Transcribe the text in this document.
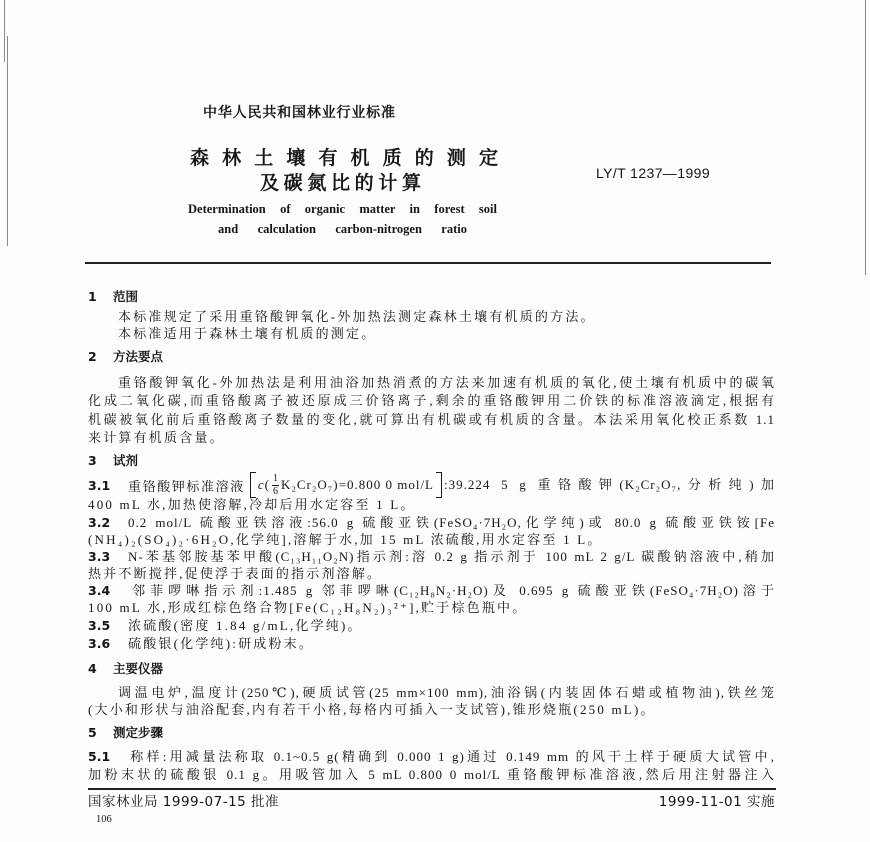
中华人民共和国林业行业标准
森林土壤有机质的测定
及碳氮比的计算	LY/T 1237—1999
Determination of organic matter in forest soil
and calculation carbon-nitrogen ratio
1 范围
本标准规定了采用重铬酸钾氧化-外加热法测定森林土壤有机质的方法。
本标准适用于森林土壤有机质的测定。
2 方法要点
重铬酸钾氧化-外加热法是利用油浴加热消煮的方法来加速有机质的氧化,使土壤有机质中的碳氧
化成二氧化碳,而重铬酸离子被还原成三价铬离子,剩余的重铬酸钾用二价铁的标准溶液滴定,根据有
机碳被氧化前后重铬酸离子数量的变化,就可算出有机碳或有机质的含量。本法采用氧化校正系数 1.1
来计算有机质含量。
3 试剂
3.1	重铬酸钾标准溶液 c ( $\frac{1}{6} K_2Cr_2O_7)=0.800$ 0 mol/L :39.224 5 g 重铬酸钾(K₂Cr₂O₇,分析纯)加
400 mL 水,加热使溶解,冷却后用水定容至 1 L。
3.2 0.2 mol/L 硫酸亚铁溶液:56.0 g 硫酸亚铁(FeSO₄·7H₂O,化学纯)或 80.0 g 硫酸亚铁铵[Fe
(NH₄)₂(SO₄)₂·6H₂O,化学纯],溶解于水,加 15 mL 浓硫酸,用水定容至 1 L。
3.3 N-苯基邻胺基苯甲酸(C₁₃H₁₁O₂N)指示剂:溶 0.2 g 指示剂于 100 mL 2 g/L 碳酸钠溶液中,稍加
热并不断搅拌,促使浮于表面的指示剂溶解。
3.4 邻菲啰啉指示剂:1.485 g 邻菲啰啉(C₁₂H₈N₂·H₂O)及 0.695 g 硫酸亚铁(FeSO₄·7H₂O)溶于
100 mL 水,形成红棕色络合物[Fe(C₁₂H₈N₂)₃²⁺],贮于棕色瓶中。
3.5 浓硫酸(密度 1.84 g/mL,化学纯)。
3.6 硫酸银(化学纯):研成粉末。
4 主要仪器
调温电炉,温度计(250℃),硬质试管(25 mm×100 mm),油浴锅(内装固体石蜡或植物油),铁丝笼
(大小和形状与油浴配套,内有若干小格,每格内可插入一支试管),锥形烧瓶(250 mL)。
5 测定步骤
5.1 称样:用减量法称取 0.1~0.5 g(精确到 0.000 1 g)通过 0.149 mm 的风干土样于硬质大试管中,
加粉末状的硫酸银 0.1 g。用吸管加入 5 mL 0.800 0 mol/L 重铬酸钾标准溶液,然后用注射器注入
国家林业局 1999-07-15 批准	1999-11-01 实施
106
